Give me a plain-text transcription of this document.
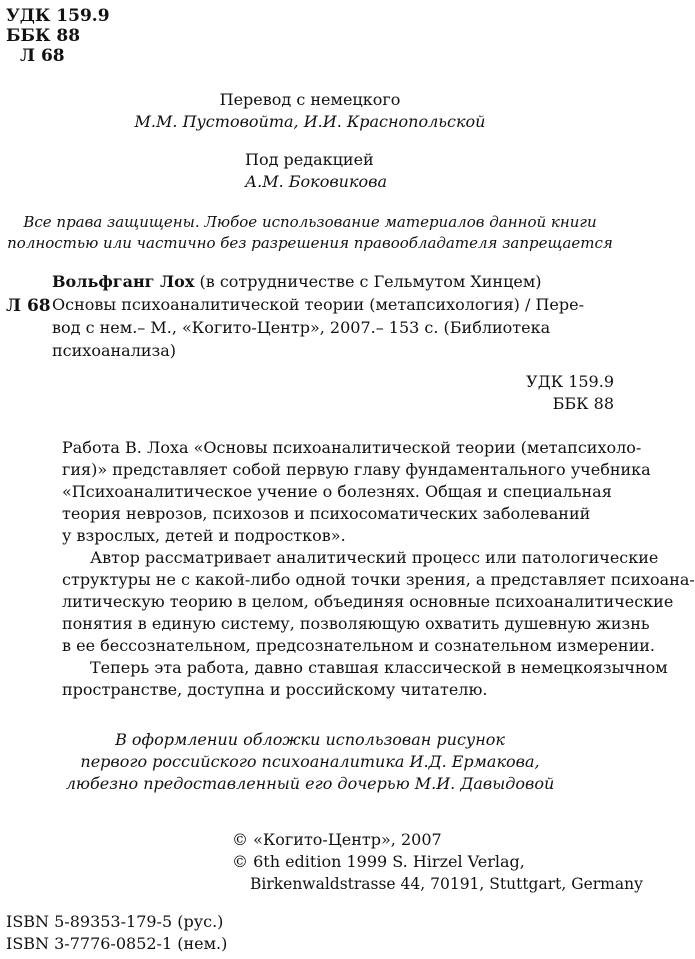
УДК 159.9
ББК 88
Л 68
Перевод с немецкого
М.М. Пустовойта, И.И. Краснопольской
Под редакцией
А.М. Боковикова
Все права защищены. Любое использование материалов данной книги
полностью или частично без разрешения правообладателя запрещается
Л 68
Вольфганг Лох (в сотрудничестве с Гельмутом Хинцем)
Основы психоаналитической теории (метапсихология) / Пере-
вод с нем.– М., «Когито-Центр», 2007.– 153 с. (Библиотека
психоанализа)
УДК 159.9
ББК 88
Работа В. Лоха «Основы психоаналитической теории (метапсихоло-
гия)» представляет собой первую главу фундаментального учебника
«Психоаналитическое учение о болезнях. Общая и специальная
теория неврозов, психозов и психосоматических заболеваний
у взрослых, детей и подростков».
Автор рассматривает аналитический процесс или патологические
структуры не с какой-либо одной точки зрения, а представляет психоана-
литическую теорию в целом, объединяя основные психоаналитические
понятия в единую систему, позволяющую охватить душевную жизнь
в ее бессознательном, предсознательном и сознательном измерении.
Теперь эта работа, давно ставшая классической в немецкоязычном
пространстве, доступна и российскому читателю.
В оформлении обложки использован рисунок
первого российского психоаналитика И.Д. Ермакова,
любезно предоставленный его дочерью М.И. Давыдовой
© «Когито-Центр», 2007
© 6th edition 1999 S. Hirzel Verlag,
Birkenwaldstrasse 44, 70191, Stuttgart, Germany
ISBN 5-89353-179-5 (рус.)
ISBN 3-7776-0852-1 (нем.)
